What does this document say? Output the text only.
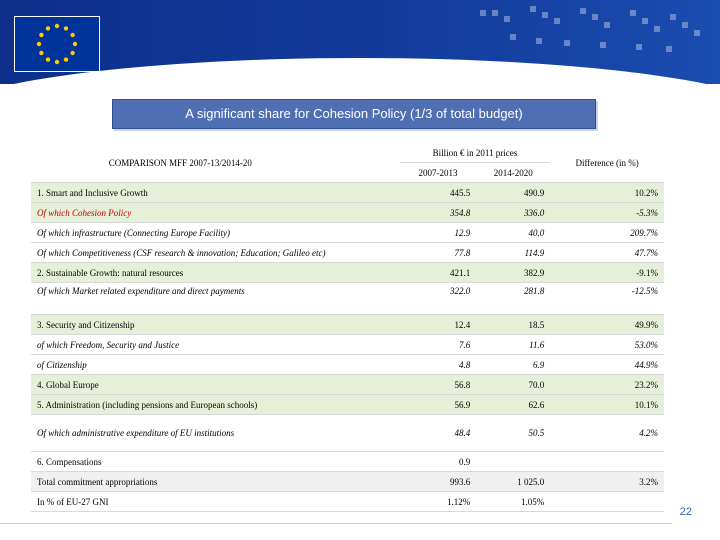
A significant share for Cohesion Policy (1/3 of total budget)
COMPARISON MFF 2007-13/2014-20	Billion € in 2011 prices		Difference (in %)
	2007-2013	2014-2020	
1. Smart and Inclusive Growth	445.5	490.9	10.2%
Of which Cohesion Policy	354.8	336.0	-5.3%
Of which infrastructure (Connecting Europe Facility)	12.9	40.0	209.7%
Of which Competitiveness (CSF research & innovation; Education; Galileo etc)	77.8	114.9	47.7%
2. Sustainable Growth: natural resources	421.1	382.9	-9.1%
Of which Market related expenditure and direct payments	322.0	281.8	-12.5%
3. Security and Citizenship	12.4	18.5	49.9%
of which Freedom, Security and Justice	7.6	11.6	53.0%
of Citizenship	4.8	6.9	44.9%
4. Global Europe	56.8	70.0	23.2%
5. Administration (including pensions and European schools)	56.9	62.6	10.1%
Of which administrative expenditure of EU institutions	48.4	50.5	4.2%
6. Compensations	0.9		
Total commitment appropriations	993.6	1 025.0	3.2%
In % of EU-27 GNI	1.12%	1.05%	
22
